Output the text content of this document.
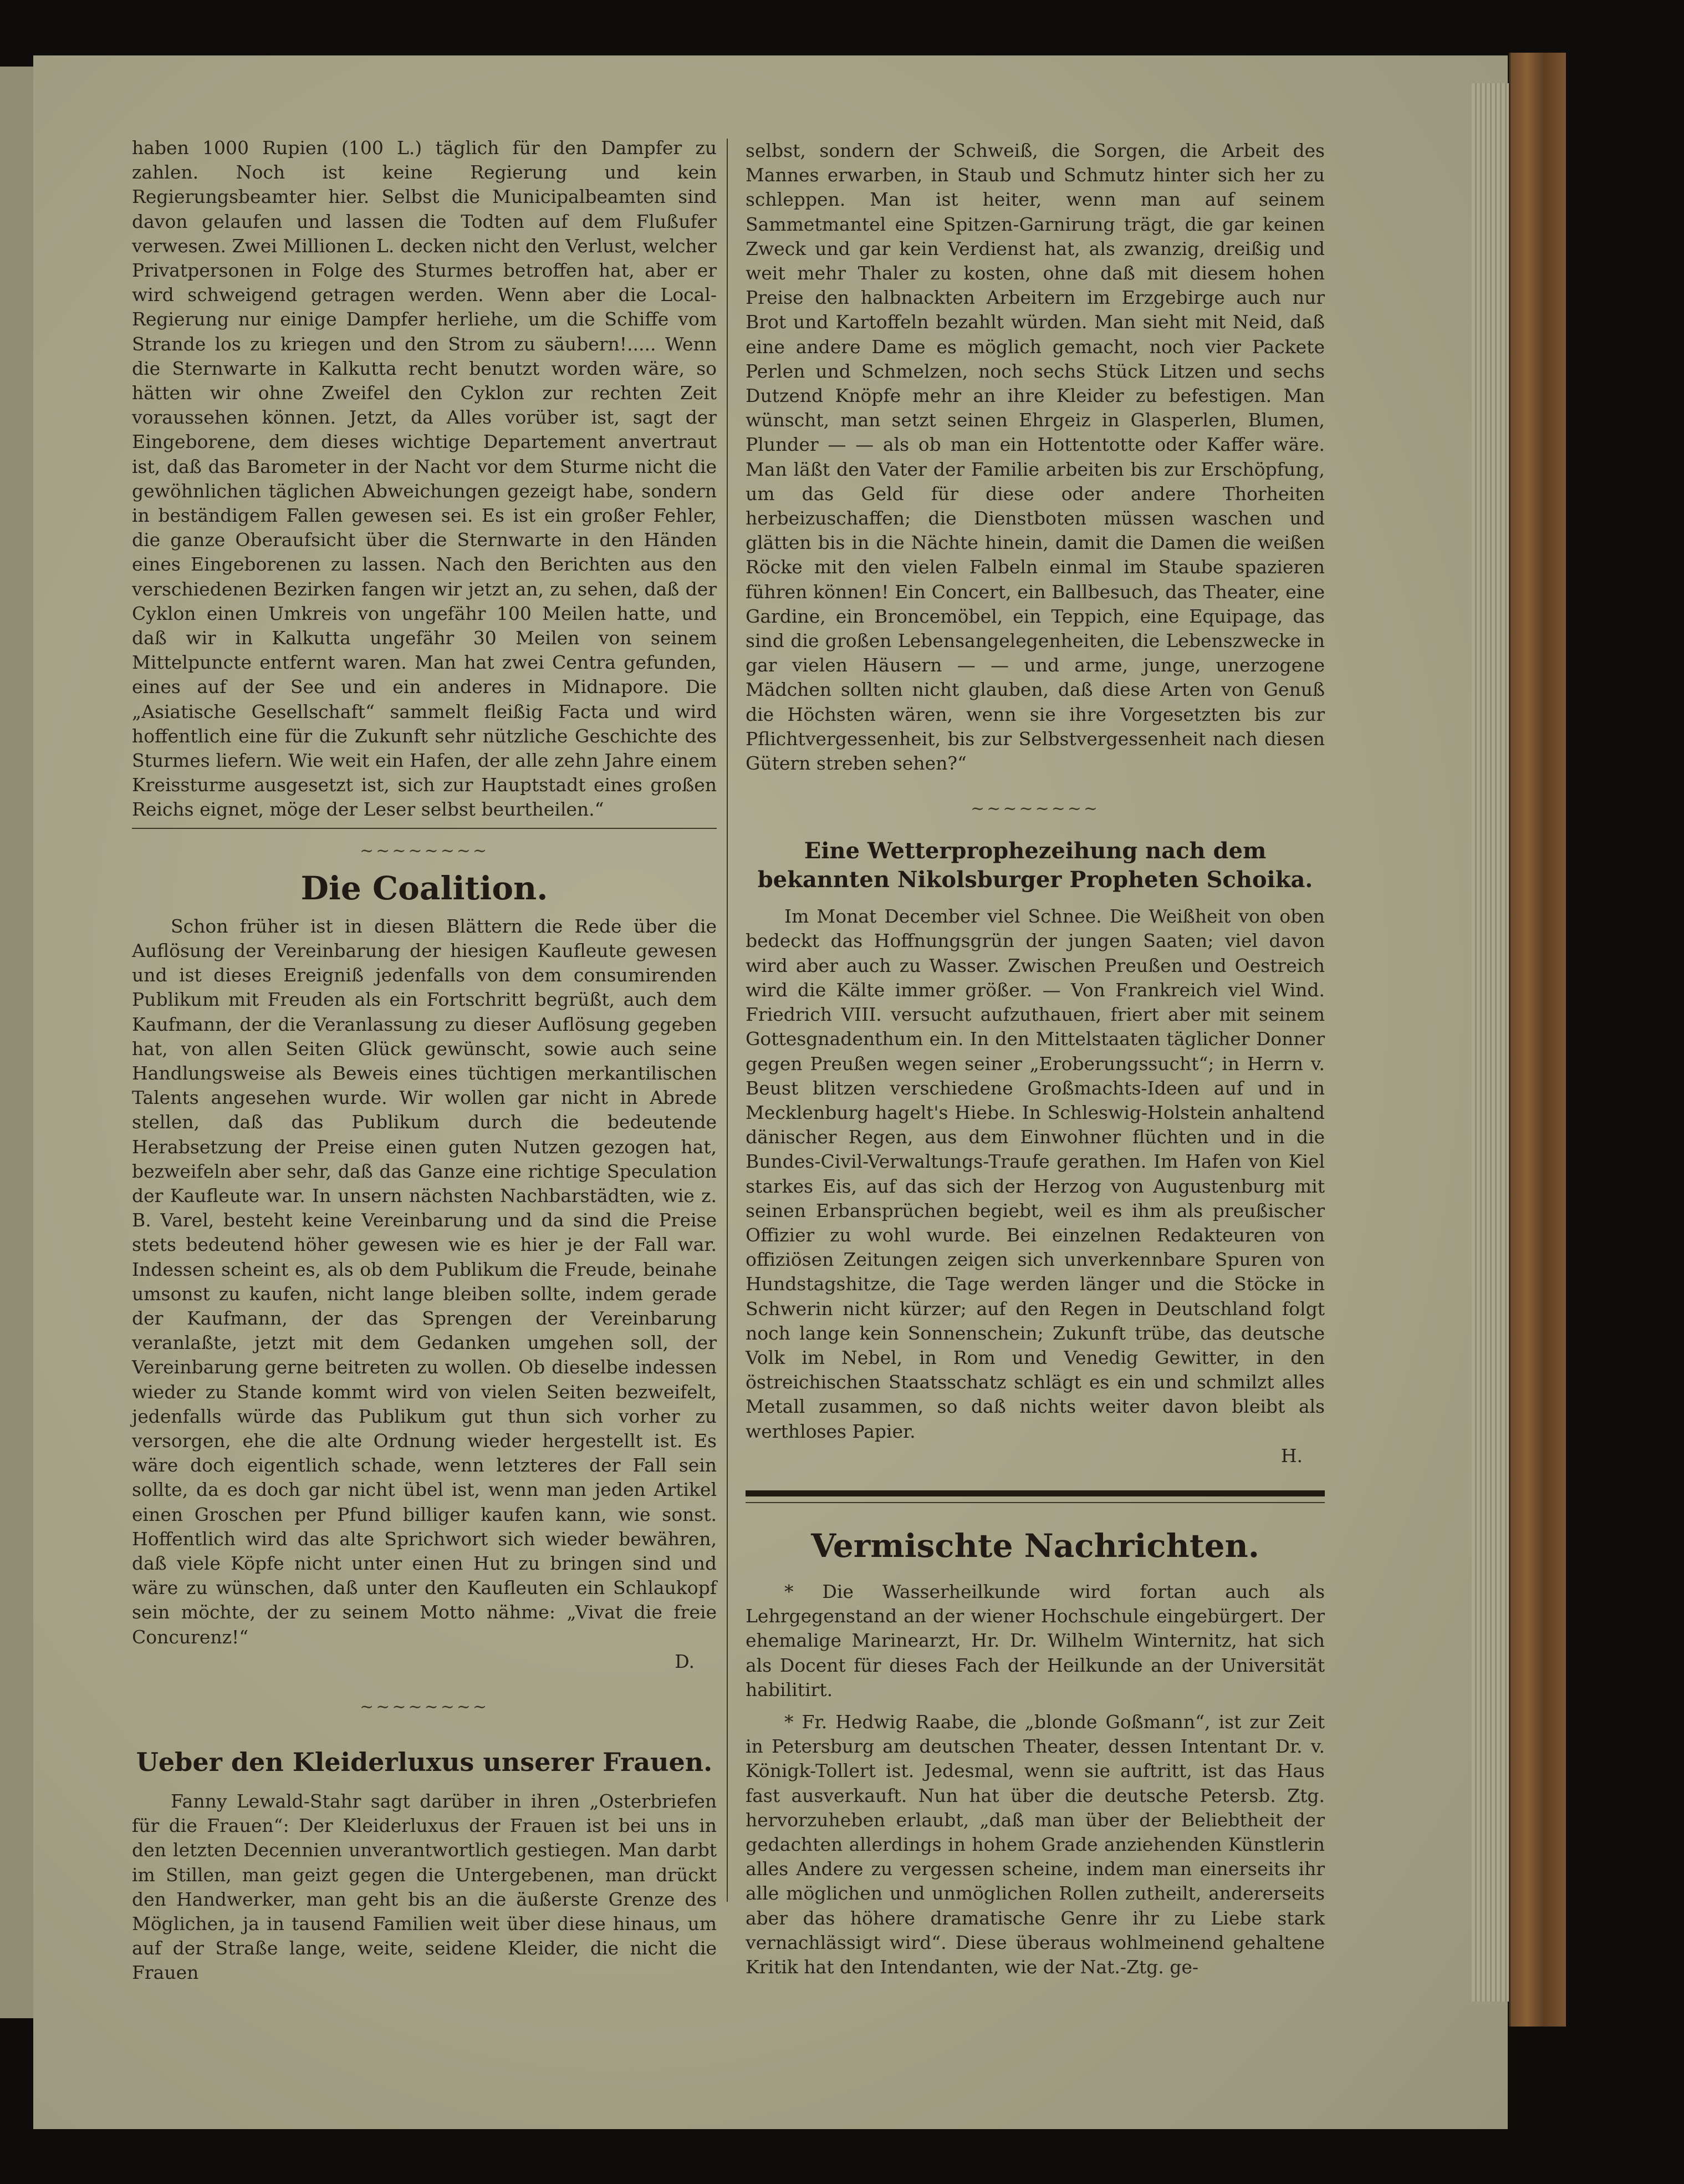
haben 1000 Rupien (100 L.) täglich für den Dampfer zu zahlen. Noch ist keine Regierung und kein Regierungsbeamter hier. Selbst die Municipalbeamten sind davon gelaufen und lassen die Todten auf dem Flußufer verwesen. Zwei Millionen L. decken nicht den Verlust, welcher Privatpersonen in Folge des Sturmes betroffen hat, aber er wird schweigend getragen werden. Wenn aber die Local-Regierung nur einige Dampfer herliehe, um die Schiffe vom Strande los zu kriegen und den Strom zu säubern!..... Wenn die Sternwarte in Kalkutta recht benutzt worden wäre, so hätten wir ohne Zweifel den Cyklon zur rechten Zeit voraussehen können. Jetzt, da Alles vorüber ist, sagt der Eingeborene, dem dieses wichtige Departement anvertraut ist, daß das Barometer in der Nacht vor dem Sturme nicht die gewöhnlichen täglichen Abweichungen gezeigt habe, sondern in beständigem Fallen gewesen sei. Es ist ein großer Fehler, die ganze Oberaufsicht über die Sternwarte in den Händen eines Eingeborenen zu lassen. Nach den Berichten aus den verschiedenen Bezirken fangen wir jetzt an, zu sehen, daß der Cyklon einen Umkreis von ungefähr 100 Meilen hatte, und daß wir in Kalkutta ungefähr 30 Meilen von seinem Mittelpuncte entfernt waren. Man hat zwei Centra gefunden, eines auf der See und ein anderes in Midnapore. Die „Asiatische Gesellschaft“ sammelt fleißig Facta und wird hoffentlich eine für die Zukunft sehr nützliche Geschichte des Sturmes liefern. Wie weit ein Hafen, der alle zehn Jahre einem Kreissturme ausgesetzt ist, sich zur Hauptstadt eines großen Reichs eignet, möge der Leser selbst beurtheilen.“

~~~~~~~~
Die Coalition.

Schon früher ist in diesen Blättern die Rede über die Auflösung der Vereinbarung der hiesigen Kaufleute gewesen und ist dieses Ereigniß jedenfalls von dem consumirenden Publikum mit Freuden als ein Fortschritt begrüßt, auch dem Kaufmann, der die Veranlassung zu dieser Auflösung gegeben hat, von allen Seiten Glück gewünscht, sowie auch seine Handlungsweise als Beweis eines tüchtigen merkantilischen Talents angesehen wurde. Wir wollen gar nicht in Abrede stellen, daß das Publikum durch die bedeutende Herabsetzung der Preise einen guten Nutzen gezogen hat, bezweifeln aber sehr, daß das Ganze eine richtige Speculation der Kaufleute war. In unsern nächsten Nachbarstädten, wie z. B. Varel, besteht keine Vereinbarung und da sind die Preise stets bedeutend höher gewesen wie es hier je der Fall war. Indessen scheint es, als ob dem Publikum die Freude, beinahe umsonst zu kaufen, nicht lange bleiben sollte, indem gerade der Kaufmann, der das Sprengen der Vereinbarung veranlaßte, jetzt mit dem Gedanken umgehen soll, der Vereinbarung gerne beitreten zu wollen. Ob dieselbe indessen wieder zu Stande kommt wird von vielen Seiten bezweifelt, jedenfalls würde das Publikum gut thun sich vorher zu versorgen, ehe die alte Ordnung wieder hergestellt ist. Es wäre doch eigentlich schade, wenn letzteres der Fall sein sollte, da es doch gar nicht übel ist, wenn man jeden Artikel einen Groschen per Pfund billiger kaufen kann, wie sonst. Hoffentlich wird das alte Sprichwort sich wieder bewähren, daß viele Köpfe nicht unter einen Hut zu bringen sind und wäre zu wünschen, daß unter den Kaufleuten ein Schlaukopf sein möchte, der zu seinem Motto nähme: „Vivat die freie Concurenz!“

D.

~~~~~~~~
Ueber den Kleiderluxus unserer Frauen.

Fanny Lewald-Stahr sagt darüber in ihren „Osterbriefen für die Frauen“: Der Kleiderluxus der Frauen ist bei uns in den letzten Decennien unverantwortlich gestiegen. Man darbt im Stillen, man geizt gegen die Untergebenen, man drückt den Handwerker, man geht bis an die äußerste Grenze des Möglichen, ja in tausend Familien weit über diese hinaus, um auf der Straße lange, weite, seidene Kleider, die nicht die Frauen

selbst, sondern der Schweiß, die Sorgen, die Arbeit des Mannes erwarben, in Staub und Schmutz hinter sich her zu schleppen. Man ist heiter, wenn man auf seinem Sammetmantel eine Spitzen-Garnirung trägt, die gar keinen Zweck und gar kein Verdienst hat, als zwanzig, dreißig und weit mehr Thaler zu kosten, ohne daß mit diesem hohen Preise den halbnackten Arbeitern im Erzgebirge auch nur Brot und Kartoffeln bezahlt würden. Man sieht mit Neid, daß eine andere Dame es möglich gemacht, noch vier Packete Perlen und Schmelzen, noch sechs Stück Litzen und sechs Dutzend Knöpfe mehr an ihre Kleider zu befestigen. Man wünscht, man setzt seinen Ehrgeiz in Glasperlen, Blumen, Plunder — — als ob man ein Hottentotte oder Kaffer wäre. Man läßt den Vater der Familie arbeiten bis zur Erschöpfung, um das Geld für diese oder andere Thorheiten herbeizuschaffen; die Dienstboten müssen waschen und glätten bis in die Nächte hinein, damit die Damen die weißen Röcke mit den vielen Falbeln einmal im Staube spazieren führen können! Ein Concert, ein Ballbesuch, das Theater, eine Gardine, ein Broncemöbel, ein Teppich, eine Equipage, das sind die großen Lebensangelegenheiten, die Lebenszwecke in gar vielen Häusern — — und arme, junge, unerzogene Mädchen sollten nicht glauben, daß diese Arten von Genuß die Höchsten wären, wenn sie ihre Vorgesetzten bis zur Pflichtvergessenheit, bis zur Selbstvergessenheit nach diesen Gütern streben sehen?“

~~~~~~~~
Eine Wetterprophezeihung nach dem bekannten Nikolsburger Propheten Schoika.

Im Monat December viel Schnee. Die Weißheit von oben bedeckt das Hoffnungsgrün der jungen Saaten; viel davon wird aber auch zu Wasser. Zwischen Preußen und Oestreich wird die Kälte immer größer. — Von Frankreich viel Wind. Friedrich VIII. versucht aufzuthauen, friert aber mit seinem Gottesgnadenthum ein. In den Mittelstaaten täglicher Donner gegen Preußen wegen seiner „Eroberungssucht“; in Herrn v. Beust blitzen verschiedene Großmachts-Ideen auf und in Mecklenburg hagelt's Hiebe. In Schleswig-Holstein anhaltend dänischer Regen, aus dem Einwohner flüchten und in die Bundes-Civil-Verwaltungs-Traufe gerathen. Im Hafen von Kiel starkes Eis, auf das sich der Herzog von Augustenburg mit seinen Erbansprüchen begiebt, weil es ihm als preußischer Offizier zu wohl wurde. Bei einzelnen Redakteuren von offiziösen Zeitungen zeigen sich unverkennbare Spuren von Hundstagshitze, die Tage werden länger und die Stöcke in Schwerin nicht kürzer; auf den Regen in Deutschland folgt noch lange kein Sonnenschein; Zukunft trübe, das deutsche Volk im Nebel, in Rom und Venedig Gewitter, in den östreichischen Staatsschatz schlägt es ein und schmilzt alles Metall zusammen, so daß nichts weiter davon bleibt als werthloses Papier.

H.

Vermischte Nachrichten.

* Die Wasserheilkunde wird fortan auch als Lehrgegenstand an der wiener Hochschule eingebürgert. Der ehemalige Marinearzt, Hr. Dr. Wilhelm Winternitz, hat sich als Docent für dieses Fach der Heilkunde an der Universität habilitirt.

* Fr. Hedwig Raabe, die „blonde Goßmann“, ist zur Zeit in Petersburg am deutschen Theater, dessen Intentant Dr. v. Königk-Tollert ist. Jedesmal, wenn sie auftritt, ist das Haus fast ausverkauft. Nun hat über die deutsche Petersb. Ztg. hervorzuheben erlaubt, „daß man über der Beliebtheit der gedachten allerdings in hohem Grade anziehenden Künstlerin alles Andere zu vergessen scheine, indem man einerseits ihr alle möglichen und unmöglichen Rollen zutheilt, andererseits aber das höhere dramatische Genre ihr zu Liebe stark vernachlässigt wird“. Diese überaus wohlmeinend gehaltene Kritik hat den Intendanten, wie der Nat.-Ztg. ge-
